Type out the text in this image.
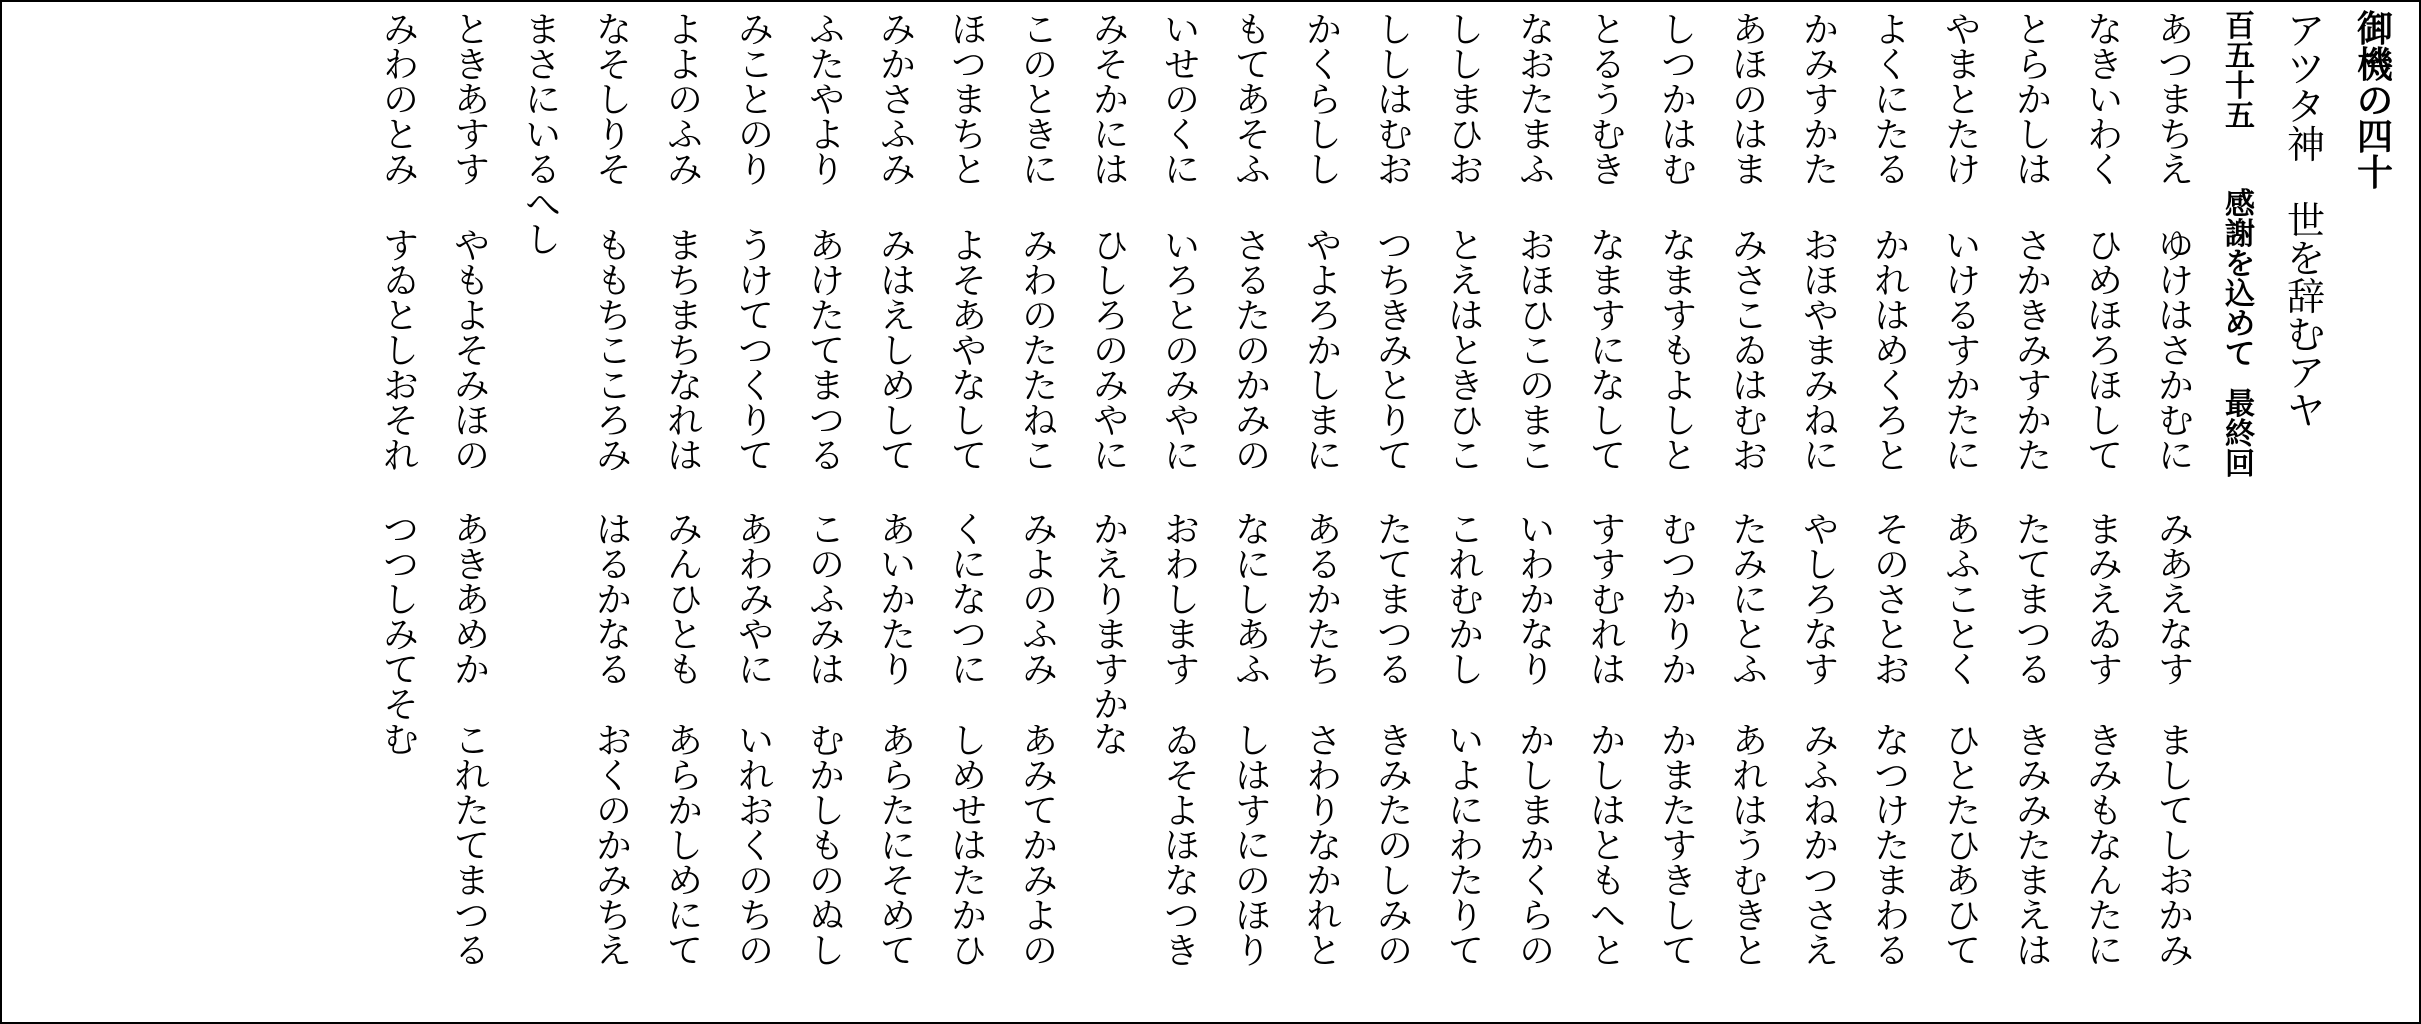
御
機
の
四
十
ア
ツ
タ
神
世
を
辞
む
ア
ヤ
百
五
十
五
感
謝
を
込
め
て
最
終
回
あ
つ
ま
ち
え
ゆ
け
は
さ
か
む
に
み
あ
え
な
す
ま
し
て
し
お
か
み
な
き
い
わ
く
ひ
め
ほ
ろ
ほ
し
て
ま
み
え
ゐ
す
き
み
も
な
ん
た
に
と
ら
か
し
は
さ
か
き
み
す
か
た
た
て
ま
つ
る
き
み
み
た
ま
え
は
や
ま
と
た
け
い
け
る
す
か
た
に
あ
ふ
こ
と
く
ひ
と
た
ひ
あ
ひ
て
よ
く
に
た
る
か
れ
は
め
く
ろ
と
そ
の
さ
と
お
な
つ
け
た
ま
わ
る
か
み
す
か
た
お
ほ
や
ま
み
ね
に
や
し
ろ
な
す
み
ふ
ね
か
つ
さ
え
あ
ほ
の
は
ま
み
さ
こ
ゐ
は
む
お
た
み
に
と
ふ
あ
れ
は
う
む
き
と
し
つ
か
は
む
な
ま
す
も
よ
し
と
む
つ
か
り
か
か
ま
た
す
き
し
て
と
る
う
む
き
な
ま
す
に
な
し
て
す
す
む
れ
は
か
し
は
と
も
へ
と
な
お
た
ま
ふ
お
ほ
ひ
こ
の
ま
こ
い
わ
か
な
り
か
し
ま
か
く
ら
の
し
し
ま
ひ
お
と
え
は
と
き
ひ
こ
こ
れ
む
か
し
い
よ
に
わ
た
り
て
し
し
は
む
お
つ
ち
き
み
と
り
て
た
て
ま
つ
る
き
み
た
の
し
み
の
か
く
ら
し
し
や
よ
ろ
か
し
ま
に
あ
る
か
た
ち
さ
わ
り
な
か
れ
と
も
て
あ
そ
ふ
さ
る
た
の
か
み
の
な
に
し
あ
ふ
し
は
す
に
の
ほ
り
い
せ
の
く
に
い
ろ
と
の
み
や
に
お
わ
し
ま
す
ゐ
そ
よ
ほ
な
つ
き
み
そ
か
に
は
ひ
し
ろ
の
み
や
に
か
え
り
ま
す
か
な
こ
の
と
き
に
み
わ
の
た
た
ね
こ
み
よ
の
ふ
み
あ
み
て
か
み
よ
の
ほ
つ
ま
ち
と
よ
そ
あ
や
な
し
て
く
に
な
つ
に
し
め
せ
は
た
か
ひ
み
か
さ
ふ
み
み
は
え
し
め
し
て
あ
い
か
た
り
あ
ら
た
に
そ
め
て
ふ
た
や
よ
り
あ
け
た
て
ま
つ
る
こ
の
ふ
み
は
む
か
し
も
の
ぬ
し
み
こ
と
の
り
う
け
て
つ
く
り
て
あ
わ
み
や
に
い
れ
お
く
の
ち
の
よ
よ
の
ふ
み
ま
ち
ま
ち
な
れ
は
み
ん
ひ
と
も
あ
ら
か
し
め
に
て
な
そ
し
り
そ
も
も
ち
こ
こ
ろ
み
は
る
か
な
る
お
く
の
か
み
ち
え
ま
さ
に
い
る
へ
し
と
き
あ
す
す
や
も
よ
そ
み
ほ
の
あ
き
あ
め
か
こ
れ
た
て
ま
つ
る
み
わ
の
と
み
す
ゐ
と
し
お
そ
れ
つ
つ
し
み
て
そ
む
